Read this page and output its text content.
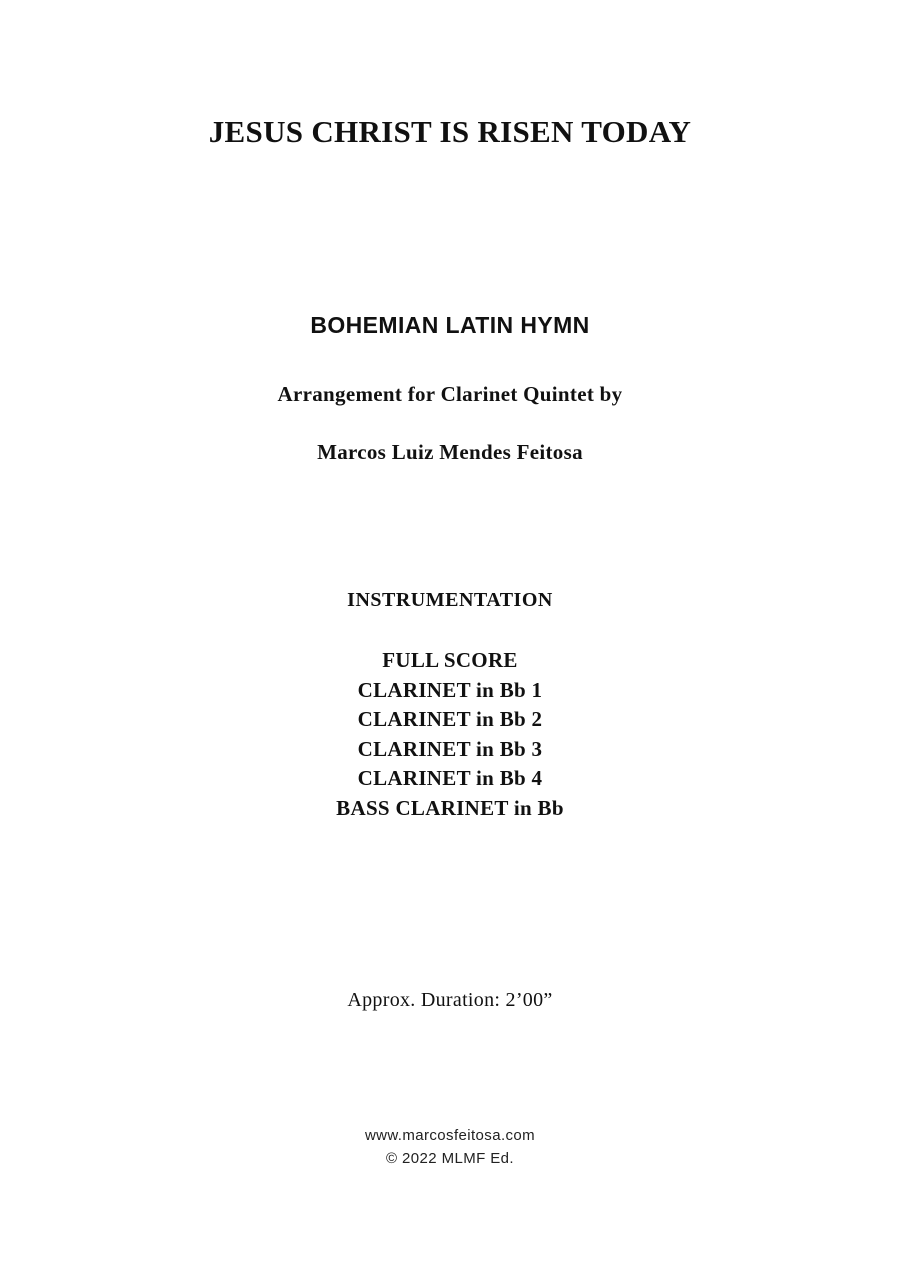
JESUS CHRIST IS RISEN TODAY
BOHEMIAN LATIN HYMN
Arrangement for Clarinet Quintet by
Marcos Luiz Mendes Feitosa
INSTRUMENTATION
FULL SCORE
CLARINET in Bb 1
CLARINET in Bb 2
CLARINET in Bb 3
CLARINET in Bb 4
BASS CLARINET in Bb
Approx. Duration: 2’00”
www.marcosfeitosa.com
© 2022 MLMF Ed.
